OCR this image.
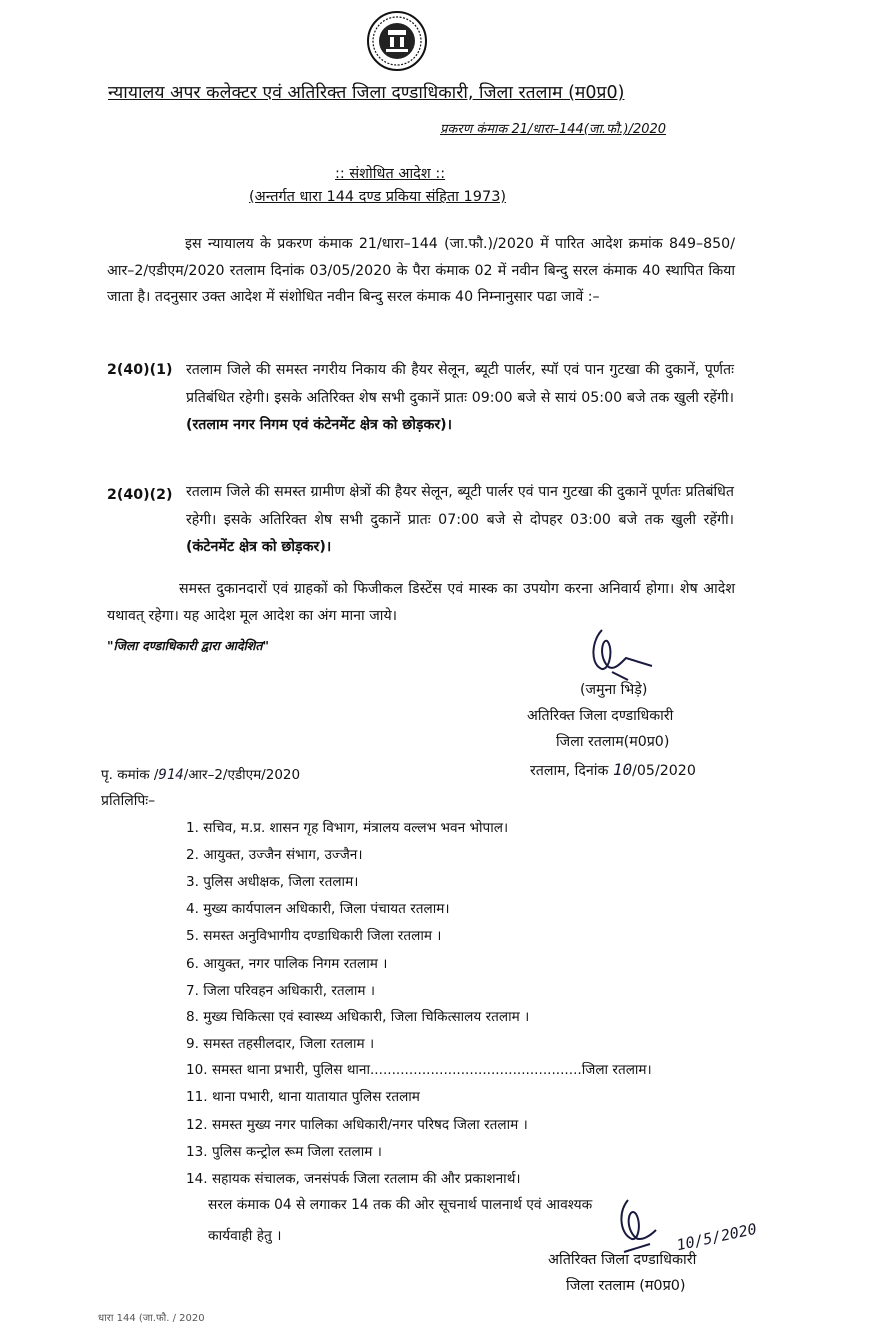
न्यायालय अपर कलेक्टर एवं अतिरिक्त जिला दण्डाधिकारी, जिला रतलाम (म0प्र0)
प्रकरण कंमाक 21/धारा–144(जा.फौ.)/2020
:: संशोधित आदेश ::
(अन्तर्गत धारा 144 दण्ड प्रकिया संहिता 1973)
इस न्यायालय के प्रकरण कंमाक 21/धारा–144 (जा.फौ.)/2020 में पारित आदेश क्रमांक 849–850/आर–2/एडीएम/2020 रतलाम दिनांक 03/05/2020 के पैरा कंमाक 02 में नवीन बिन्दु सरल कंमाक 40 स्थापित किया जाता है। तदनुसार उक्त आदेश में संशोधित नवीन बिन्दु सरल कंमाक 40 निम्नानुसार पढा जावें :–
2(40)(1) रतलाम जिले की समस्त नगरीय निकाय की हैयर सेलून, ब्यूटी पार्लर, स्पॉ एवं पान गुटखा की दुकानें, पूर्णतः प्रतिबंधित रहेगी। इसके अतिरिक्त शेष सभी दुकानें प्रातः 09:00 बजे से सायं 05:00 बजे तक खुली रहेंगी। (रतलाम नगर निगम एवं कंटेनमेंट क्षेत्र को छोड़कर)।
2(40)(2) रतलाम जिले की समस्त ग्रामीण क्षेत्रों की हैयर सेलून, ब्यूटी पार्लर एवं पान गुटखा की दुकानें पूर्णतः प्रतिबंधित रहेगी। इसके अतिरिक्त शेष सभी दुकानें प्रातः 07:00 बजे से दोपहर 03:00 बजे तक खुली रहेंगी। (कंटेनमेंट क्षेत्र को छोड़कर)।
समस्त दुकानदारों एवं ग्राहकों को फिजीकल डिस्टेंस एवं मास्क का उपयोग करना अनिवार्य होगा। शेष आदेश यथावत् रहेगा। यह आदेश मूल आदेश का अंग माना जाये।
"जिला दण्डाधिकारी द्वारा आदेशित"
(जमुना भिड़े)
अतिरिक्त जिला दण्डाधिकारी
जिला रतलाम(म0प्र0)
रतलाम, दिनांक 10/05/2020
पृ. कमांक /914/आर–2/एडीएम/2020
प्रतिलिपिः–
1. सचिव, म.प्र. शासन गृह विभाग, मंत्रालय वल्लभ भवन भोपाल।
2. आयुक्त, उज्जैन संभाग, उज्जैन।
3. पुलिस अधीक्षक, जिला रतलाम।
4. मुख्य कार्यपालन अधिकारी, जिला पंचायत रतलाम।
5. समस्त अनुविभागीय दण्डाधिकारी जिला रतलाम ।
6. आयुक्त, नगर पालिक निगम रतलाम ।
7. जिला परिवहन अधिकारी, रतलाम ।
8. मुख्य चिकित्सा एवं स्वास्थ्य अधिकारी, जिला चिकित्सालय रतलाम ।
9. समस्त तहसीलदार, जिला रतलाम ।
10. समस्त थाना प्रभारी, पुलिस थाना.................................................जिला रतलाम।
11. थाना पभारी, थाना यातायात पुलिस रतलाम
12. समस्त मुख्य नगर पालिका अधिकारी/नगर परिषद जिला रतलाम ।
13. पुलिस कन्ट्रोल रूम जिला रतलाम ।
14. सहायक संचालक, जनसंपर्क जिला रतलाम की और प्रकाशनार्थ।
सरल कंमाक 04 से लगाकर 14 तक की ओर सूचनार्थ पालनार्थ एवं आवश्यक
कार्यवाही हेतु ।	10/5/2020
अतिरिक्त जिला दण्डाधिकारी
जिला रतलाम (म0प्र0)
धारा 144 (जा.फौ. / 2020
